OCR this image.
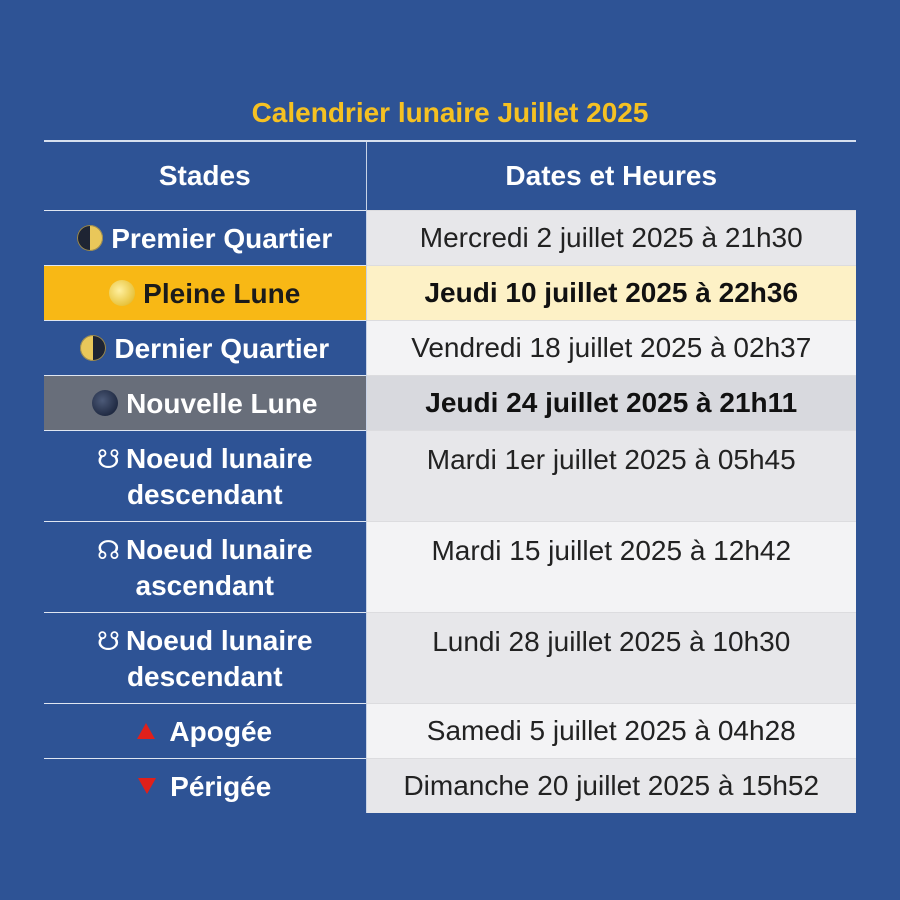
Calendrier lunaire Juillet 2025
Stades	Dates et Heures
Premier Quartier	Mercredi 2 juillet 2025 à 21h30
Pleine Lune	Jeudi 10 juillet 2025 à 22h36
Dernier Quartier	Vendredi 18 juillet 2025 à 02h37
Nouvelle Lune	Jeudi 24 juillet 2025 à 21h11
☋ Noeud lunaire
descendant	Mardi 1er juillet 2025 à 05h45
☊ Noeud lunaire
ascendant	Mardi 15 juillet 2025 à 12h42
☋ Noeud lunaire
descendant	Lundi 28 juillet 2025 à 10h30
Apogée	Samedi 5 juillet 2025 à 04h28
Périgée	Dimanche 20 juillet 2025 à 15h52
